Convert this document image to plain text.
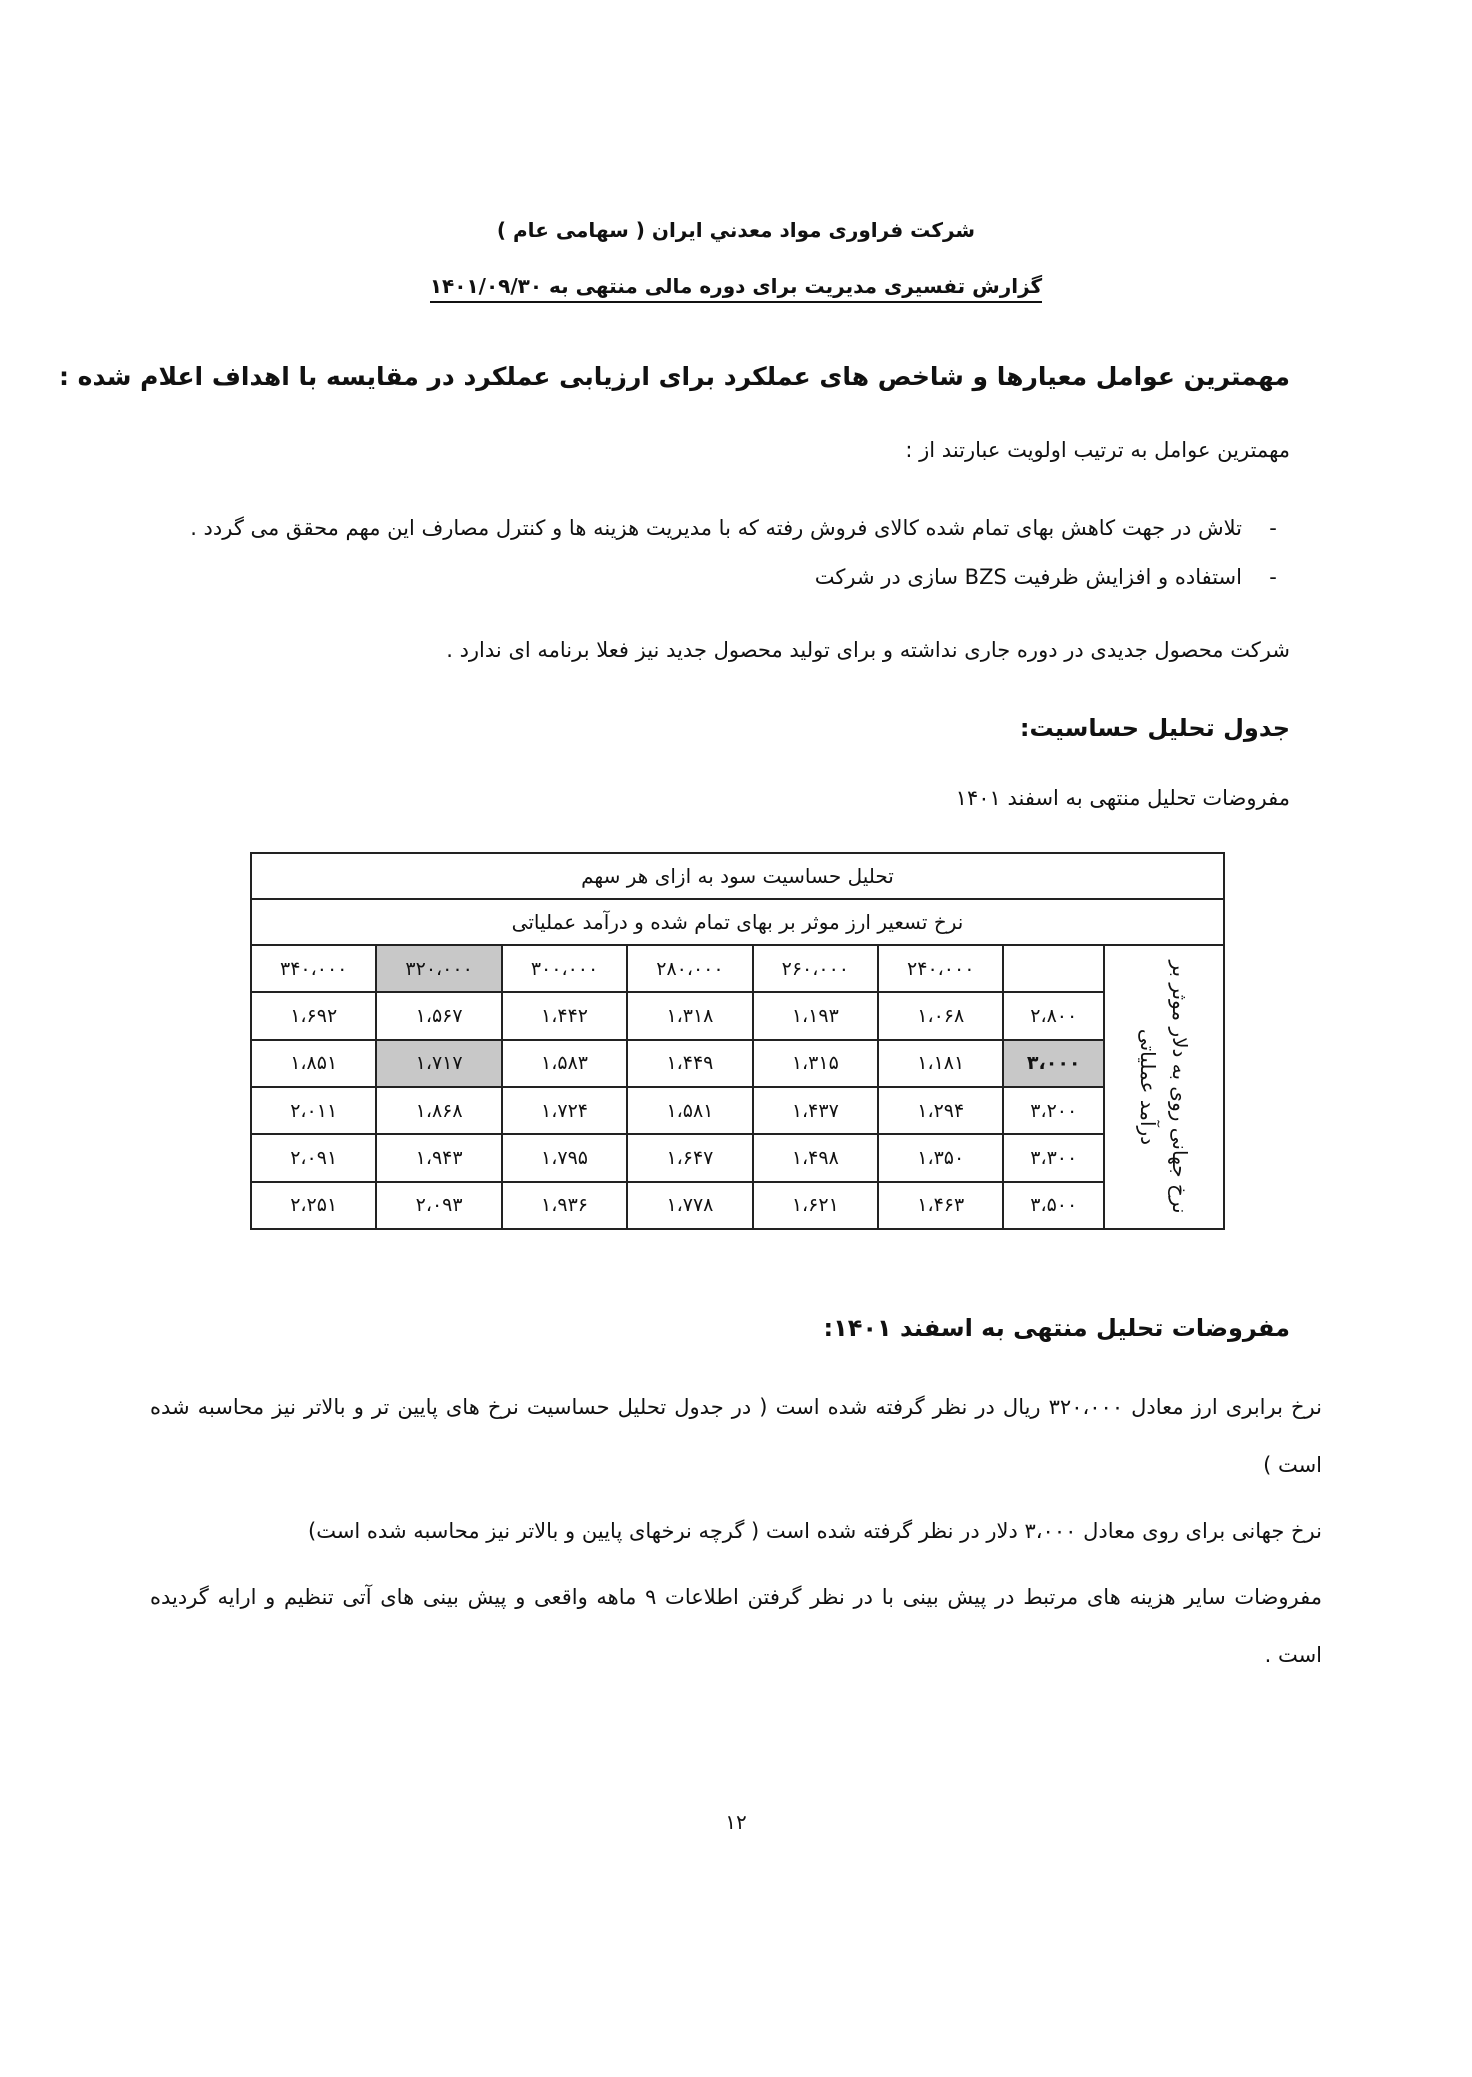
شرکت فراوری مواد معدني ايران ( سهامی عام )
گزارش تفسیری مدیریت برای دوره مالی منتهی به ۱۴۰۱/۰۹/۳۰
مهمترین عوامل معیارها و شاخص های عملکرد برای ارزیابی عملکرد در مقایسه با اهداف اعلام شده :
مهمترین عوامل به ترتیب اولویت عبارتند از :
-
تلاش در جهت کاهش بهای تمام شده کالای فروش رفته که با مدیریت هزینه ها و کنترل مصارف این مهم محقق می گردد .
-
استفاده و افزایش ظرفیت BZS سازی در شرکت
شرکت محصول جدیدی در دوره جاری نداشته و برای تولید محصول جدید نیز فعلا برنامه ای ندارد .
جدول تحلیل حساسیت:
مفروضات تحلیل منتهی به اسفند ۱۴۰۱
تحلیل حساسیت سود به ازای هر سهم							
نرخ تسعیر ارز موثر بر بهای تمام شده و درآمد عملیاتی							
۳۴۰،۰۰۰	۳۲۰،۰۰۰	۳۰۰،۰۰۰	۲۸۰،۰۰۰	۲۶۰،۰۰۰	۲۴۰،۰۰۰		نرخ جهانی روی به دلار موثر بر
درآمد عملیاتی

۱،۶۹۲	۱،۵۶۷	۱،۴۴۲	۱،۳۱۸	۱،۱۹۳	۱،۰۶۸	۲،۸۰۰	
۱،۸۵۱	۱،۷۱۷	۱،۵۸۳	۱،۴۴۹	۱،۳۱۵	۱،۱۸۱	۳،۰۰۰	
۲،۰۱۱	۱،۸۶۸	۱،۷۲۴	۱،۵۸۱	۱،۴۳۷	۱،۲۹۴	۳،۲۰۰	
۲،۰۹۱	۱،۹۴۳	۱،۷۹۵	۱،۶۴۷	۱،۴۹۸	۱،۳۵۰	۳،۳۰۰	
۲،۲۵۱	۲،۰۹۳	۱،۹۳۶	۱،۷۷۸	۱،۶۲۱	۱،۴۶۳	۳،۵۰۰	
مفروضات تحلیل منتهی به اسفند ۱۴۰۱:
نرخ برابری ارز معادل ۳۲۰،۰۰۰ ریال در نظر گرفته شده است ( در جدول تحلیل حساسیت نرخ های پایین تر و بالاتر نیز محاسبه شده است )
نرخ جهانی برای روی معادل ۳،۰۰۰ دلار در نظر گرفته شده است ( گرچه نرخهای پایین و بالاتر نیز محاسبه شده است)
مفروضات سایر هزینه های مرتبط در پیش بینی با در نظر گرفتن اطلاعات ۹ ماهه واقعی و پیش بینی های آتی تنظیم و ارایه گردیده است .
۱۲
